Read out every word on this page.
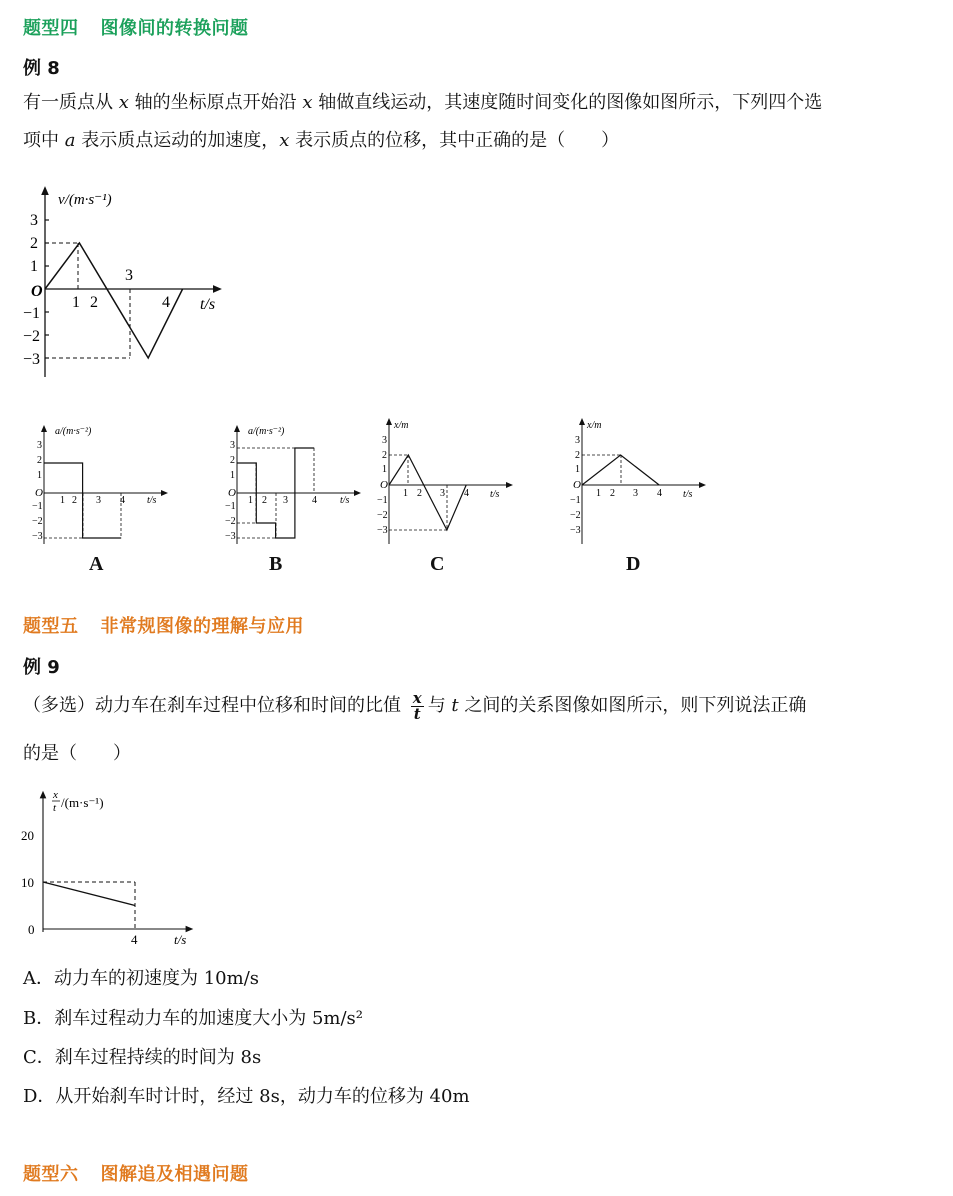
题型四 图像间的转换问题
例 8
有一质点从 x 轴的坐标原点开始沿 x 轴做直线运动，其速度随时间变化的图像如图所示，下列四个选
项中 a 表示质点运动的加速度，x 表示质点的位移，其中正确的是（ ）
v/(m·s⁻¹)
t/s
O
3
2
1
−1
−2
−3
1 2
3
4
a/(m·s⁻²)
t/s
O
3
2
1
−1
−2
−3
1 2 3 4
A
a/(m·s⁻²)
t/s
O
3
2
1
−1
−2
−3
1 2 3 4
B
x/m
t/s
O
3
2
1
−1
−2
−3
1 2 3 4
C
x/m
t/s
O
3
2
1
−1
−2
−3
1 2 3 4
D
题型五 非常规图像的理解与应用
例 9
（多选）动力车在刹车过程中位移和时间的比值 $\frac{x}{t}$ 与 t 之间的关系图像如图所示，则下列说法正确
的是（ ）
x
t /(m·s⁻¹)
t/s
20
10
0
4
A．动力车的初速度为 10m/s
B．刹车过程动力车的加速度大小为 5m/s²
C．刹车过程持续的时间为 8s
D．从开始刹车时计时，经过 8s，动力车的位移为 40m
题型六 图解追及相遇问题
